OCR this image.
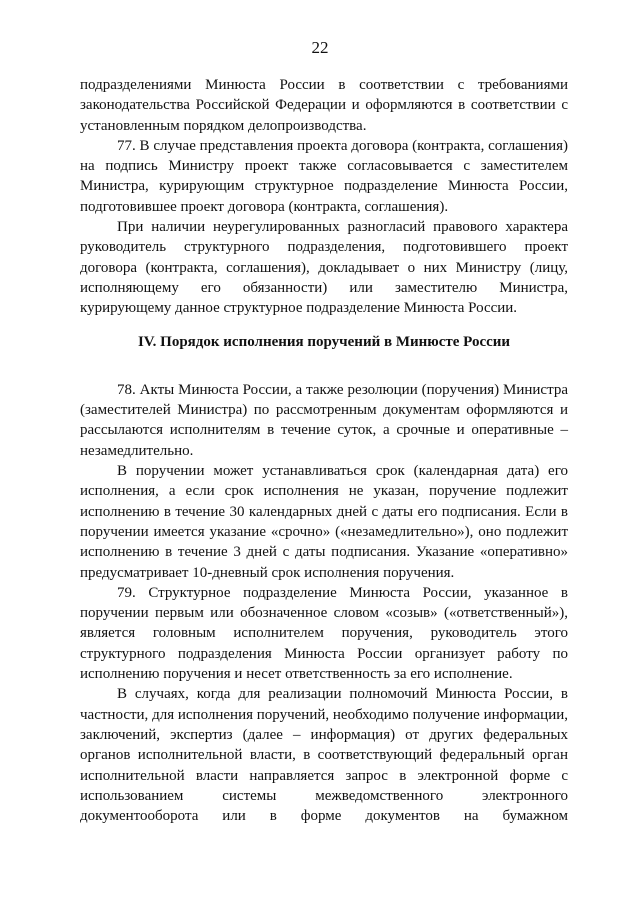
22

подразделениями Минюста России в соответствии с требованиями законодательства Российской Федерации и оформляются в соответствии с установленным порядком делопроизводства.

77. В случае представления проекта договора (контракта, соглашения) на подпись Министру проект также согласовывается с заместителем Министра, курирующим структурное подразделение Минюста России, подготовившее проект договора (контракта, соглашения).

При наличии неурегулированных разногласий правового характера руководитель структурного подразделения, подготовившего проект договора (контракта, соглашения), докладывает о них Министру (лицу, исполняющему его обязанности) или заместителю Министра, курирующему данное структурное подразделение Минюста России.

IV. Порядок исполнения поручений в Минюсте России

78. Акты Минюста России, а также резолюции (поручения) Министра (заместителей Министра) по рассмотренным документам оформляются и рассылаются исполнителям в течение суток, а срочные и оперативные – незамедлительно.

В поручении может устанавливаться срок (календарная дата) его исполнения, а если срок исполнения не указан, поручение подлежит исполнению в течение 30 календарных дней с даты его подписания. Если в поручении имеется указание «срочно» («незамедлительно»), оно подлежит исполнению в течение 3 дней с даты подписания. Указание «оперативно» предусматривает 10-дневный срок исполнения поручения.

79. Структурное подразделение Минюста России, указанное в поручении первым или обозначенное словом «созыв» («ответственный»), является головным исполнителем поручения, руководитель этого структурного подразделения Минюста России организует работу по исполнению поручения и несет ответственность за его исполнение.

В случаях, когда для реализации полномочий Минюста России, в частности, для исполнения поручений, необходимо получение информации, заключений, экспертиз (далее – информация) от других федеральных органов исполнительной власти, в соответствующий федеральный орган исполнительной власти направляется запрос в электронной форме с использованием системы межведомственного электронного документооборота или в форме документов на бумажном
